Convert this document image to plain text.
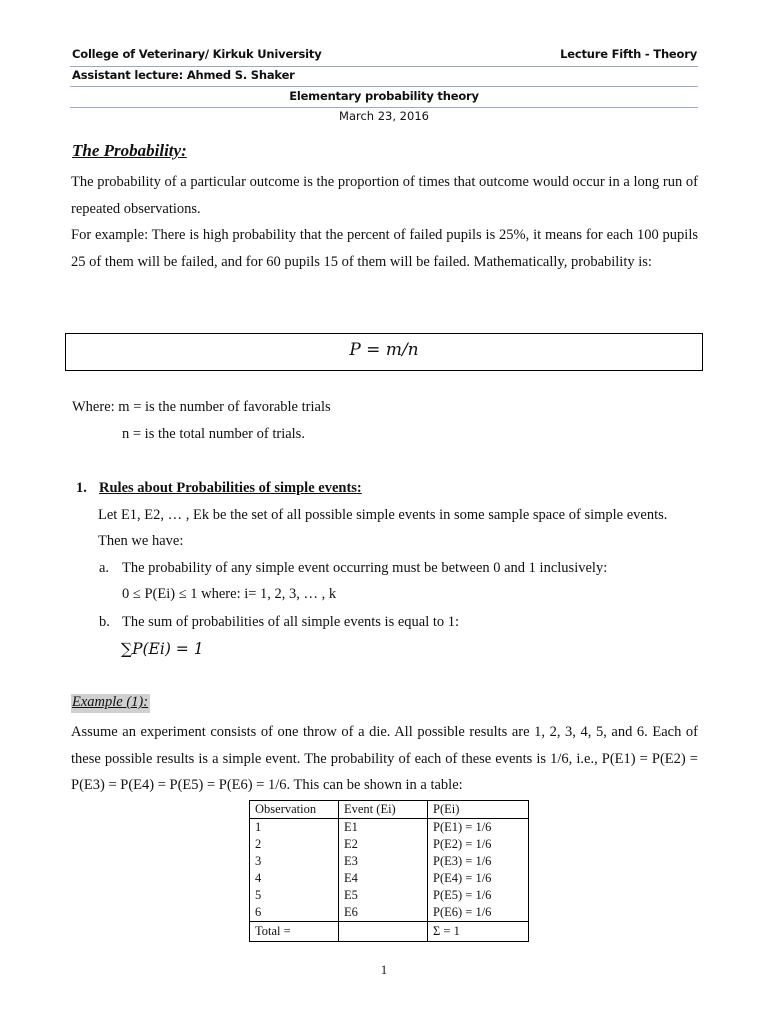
College of Veterinary/ Kirkuk University	Lecture Fifth - Theory
Assistant lecture: Ahmed S. Shaker
Elementary probability theory
March 23, 2016
The Probability:
The probability of a particular outcome is the proportion of times that outcome would occur in a long run of repeated observations.
For example: There is high probability that the percent of failed pupils is 25%, it means for each 100 pupils 25 of them will be failed, and for 60 pupils 15 of them will be failed. Mathematically, probability is:
P = m/n
Where: m = is the number of favorable trials
n = is the total number of trials.
1. Rules about Probabilities of simple events:
Let E1, E2, … , Ek be the set of all possible simple events in some sample space of simple events.
Then we have:
a. The probability of any simple event occurring must be between 0 and 1 inclusively:
0 ≤ P(Ei) ≤ 1 where: i= 1, 2, 3, … , k
b. The sum of probabilities of all simple events is equal to 1:
∑P(Ei) = 1
Example (1):
Assume an experiment consists of one throw of a die. All possible results are 1, 2, 3, 4, 5, and 6. Each of these possible results is a simple event. The probability of each of these events is 1/6, i.e., P(E1) = P(E2) = P(E3) = P(E4) = P(E5) = P(E6) = 1/6. This can be shown in a table:
Observation	Event (Ei)	P(Ei)
1	E1	P(E1) = 1/6
2	E2	P(E2) = 1/6
3	E3	P(E3) = 1/6
4	E4	P(E4) = 1/6
5	E5	P(E5) = 1/6
6	E6	P(E6) = 1/6
Total =		Σ = 1
1
